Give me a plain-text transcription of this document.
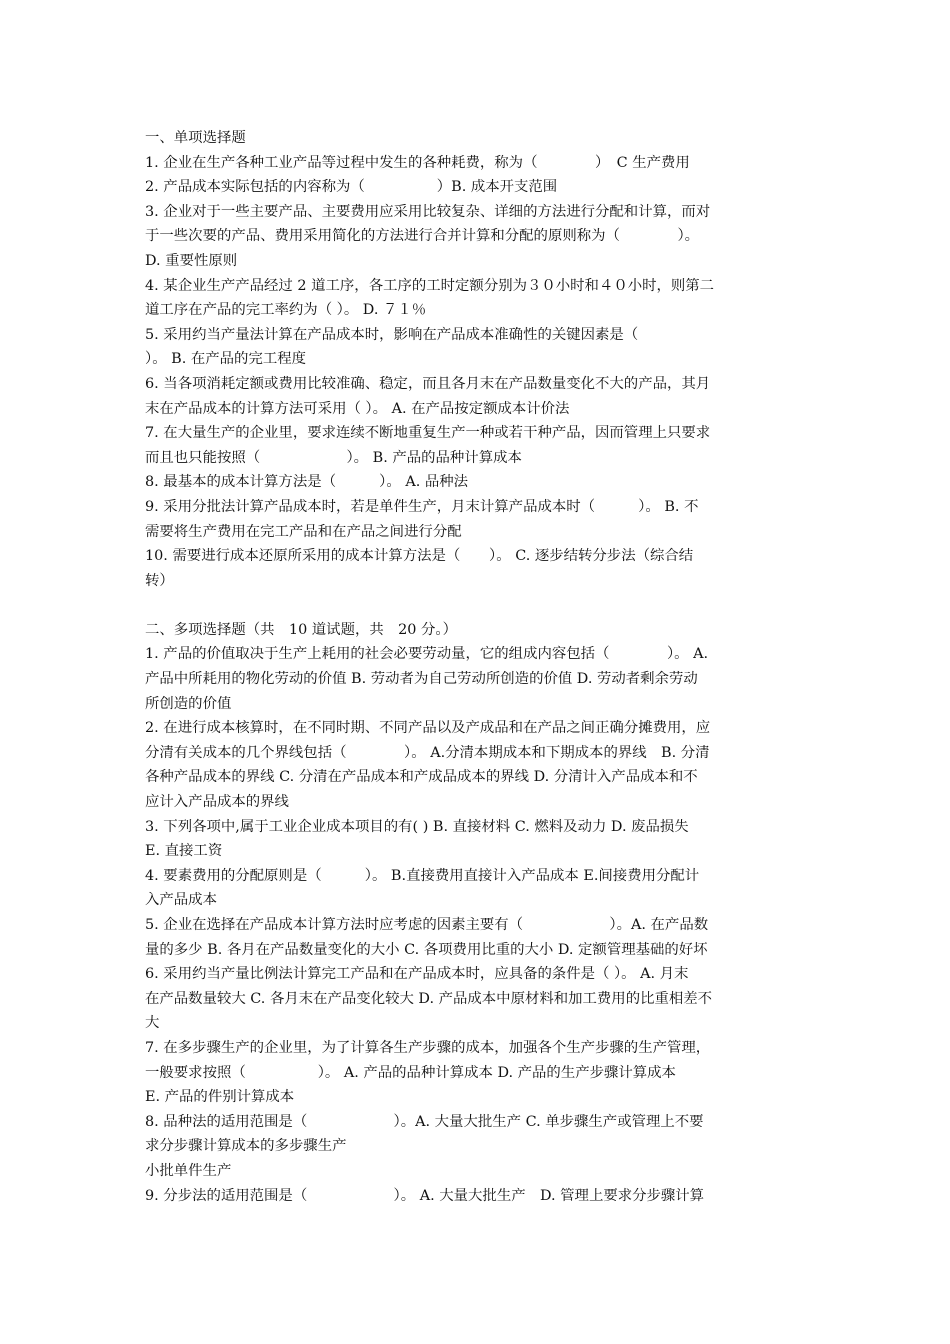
一、单项选择题
1. 企业在生产各种工业产品等过程中发生的各种耗费，称为（　　　　）　C 生产费用
2. 产品成本实际包括的内容称为（　　　　　）B. 成本开支范围
3. 企业对于一些主要产品、主要费用应采用比较复杂、详细的方法进行分配和计算，而对
于一些次要的产品、费用采用简化的方法进行合并计算和分配的原则称为（　　　　）。
D. 重要性原则
4. 某企业生产产品经过 2 道工序，各工序的工时定额分别为３０小时和４０小时，则第二
道工序在产品的完工率约为（ ）。 D. ７１％
5. 采用约当产量法计算在产品成本时，影响在产品成本准确性的关键因素是（
）。 B. 在产品的完工程度
6. 当各项消耗定额或费用比较准确、稳定，而且各月末在产品数量变化不大的产品，其月
末在产品成本的计算方法可采用（ ）。 A. 在产品按定额成本计价法
7. 在大量生产的企业里，要求连续不断地重复生产一种或若干种产品，因而管理上只要求
而且也只能按照（　　　　　　）。 B. 产品的品种计算成本
8. 最基本的成本计算方法是（　　　）。 A. 品种法
9. 采用分批法计算产品成本时，若是单件生产，月末计算产品成本时（　　　）。 B. 不
需要将生产费用在完工产品和在产品之间进行分配
10. 需要进行成本还原所采用的成本计算方法是（　　）。 C. 逐步结转分步法（综合结
转）
二、多项选择题（共　10 道试题，共　20 分。）
1. 产品的价值取决于生产上耗用的社会必要劳动量，它的组成内容包括（　　　　）。 A.
产品中所耗用的物化劳动的价值 B. 劳动者为自己劳动所创造的价值 D. 劳动者剩余劳动
所创造的价值
2. 在进行成本核算时，在不同时期、不同产品以及产成品和在产品之间正确分摊费用，应
分清有关成本的几个界线包括（　　　　）。 A.分清本期成本和下期成本的界线　B. 分清
各种产品成本的界线 C. 分清在产品成本和产成品成本的界线 D. 分清计入产品成本和不
应计入产品成本的界线
3. 下列各项中,属于工业企业成本项目的有( ) B. 直接材料 C. 燃料及动力 D. 废品损失
E. 直接工资
4. 要素费用的分配原则是（　　　）。 B.直接费用直接计入产品成本 E.间接费用分配计
入产品成本
5. 企业在选择在产品成本计算方法时应考虑的因素主要有（　　　　　　）。A. 在产品数
量的多少 B. 各月在产品数量变化的大小 C. 各项费用比重的大小 D. 定额管理基础的好坏
6. 采用约当产量比例法计算完工产品和在产品成本时，应具备的条件是（ ）。 A. 月末
在产品数量较大 C. 各月末在产品变化较大 D. 产品成本中原材料和加工费用的比重相差不
大
7. 在多步骤生产的企业里，为了计算各生产步骤的成本，加强各个生产步骤的生产管理，
一般要求按照（　　　　　）。 A. 产品的品种计算成本 D. 产品的生产步骤计算成本
E. 产品的件别计算成本
8. 品种法的适用范围是（　　　　　　）。A. 大量大批生产 C. 单步骤生产或管理上不要
求分步骤计算成本的多步骤生产
小批单件生产
9. 分步法的适用范围是（　　　　　　）。 A. 大量大批生产　D. 管理上要求分步骤计算
